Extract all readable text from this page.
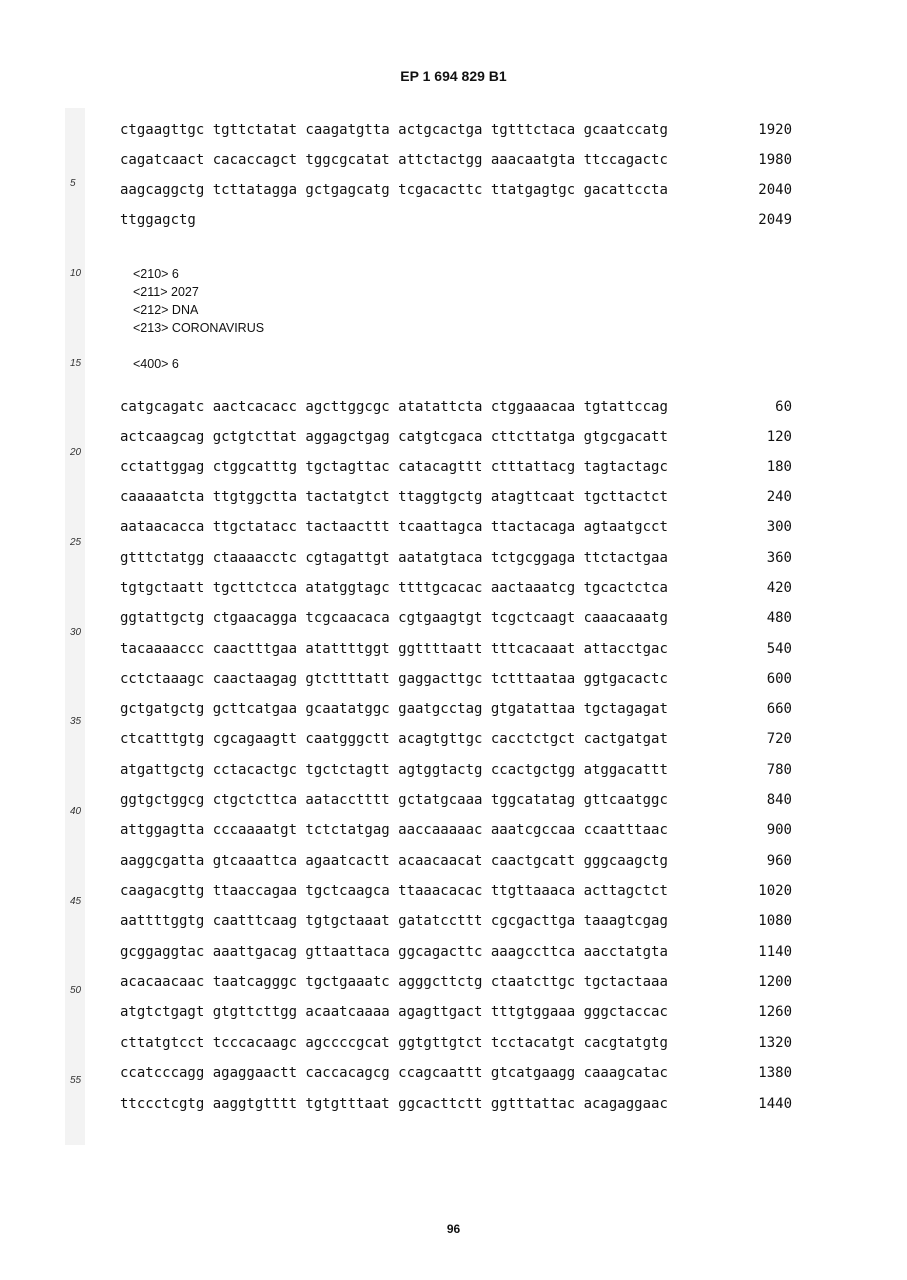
EP 1 694 829 B1
5
10
15
20
25
30
35
40
45
50
55
ctgaagttgc tgttctatat caagatgtta actgcactga tgtttctaca gcaatccatg	1920
cagatcaact cacaccagct tggcgcatat attctactgg aaacaatgta ttccagactc	1980
aagcaggctg tcttatagga gctgagcatg tcgacacttc ttatgagtgc gacattccta	2040
ttggagctg	2049
<210> 6
<211> 2027
<212> DNA
<213> CORONAVIRUS
<400> 6
catgcagatc aactcacacc agcttggcgc atatattcta ctggaaacaa tgtattccag	60
actcaagcag gctgtcttat aggagctgag catgtcgaca cttcttatga gtgcgacatt	120
cctattggag ctggcatttg tgctagttac catacagttt ctttattacg tagtactagc	180
caaaaatcta ttgtggctta tactatgtct ttaggtgctg atagttcaat tgcttactct	240
aataacacca ttgctatacc tactaacttt tcaattagca ttactacaga agtaatgcct	300
gtttctatgg ctaaaacctc cgtagattgt aatatgtaca tctgcggaga ttctactgaa	360
tgtgctaatt tgcttctcca atatggtagc ttttgcacac aactaaatcg tgcactctca	420
ggtattgctg ctgaacagga tcgcaacaca cgtgaagtgt tcgctcaagt caaacaaatg	480
tacaaaaccc caactttgaa atattttggt ggttttaatt tttcacaaat attacctgac	540
cctctaaagc caactaagag gtcttttatt gaggacttgc tctttaataa ggtgacactc	600
gctgatgctg gcttcatgaa gcaatatggc gaatgcctag gtgatattaa tgctagagat	660
ctcatttgtg cgcagaagtt caatgggctt acagtgttgc cacctctgct cactgatgat	720
atgattgctg cctacactgc tgctctagtt agtggtactg ccactgctgg atggacattt	780
ggtgctggcg ctgctcttca aatacctttt gctatgcaaa tggcatatag gttcaatggc	840
attggagtta cccaaaatgt tctctatgag aaccaaaaac aaatcgccaa ccaatttaac	900
aaggcgatta gtcaaattca agaatcactt acaacaacat caactgcatt gggcaagctg	960
caagacgttg ttaaccagaa tgctcaagca ttaaacacac ttgttaaaca acttagctct	1020
aattttggtg caatttcaag tgtgctaaat gatatccttt cgcgacttga taaagtcgag	1080
gcggaggtac aaattgacag gttaattaca ggcagacttc aaagccttca aacctatgta	1140
acacaacaac taatcagggc tgctgaaatc agggcttctg ctaatcttgc tgctactaaa	1200
atgtctgagt gtgttcttgg acaatcaaaa agagttgact tttgtggaaa gggctaccac	1260
cttatgtcct tcccacaagc agccccgcat ggtgttgtct tcctacatgt cacgtatgtg	1320
ccatcccagg agaggaactt caccacagcg ccagcaattt gtcatgaagg caaagcatac	1380
ttccctcgtg aaggtgtttt tgtgtttaat ggcacttctt ggtttattac acagaggaac	1440
96
